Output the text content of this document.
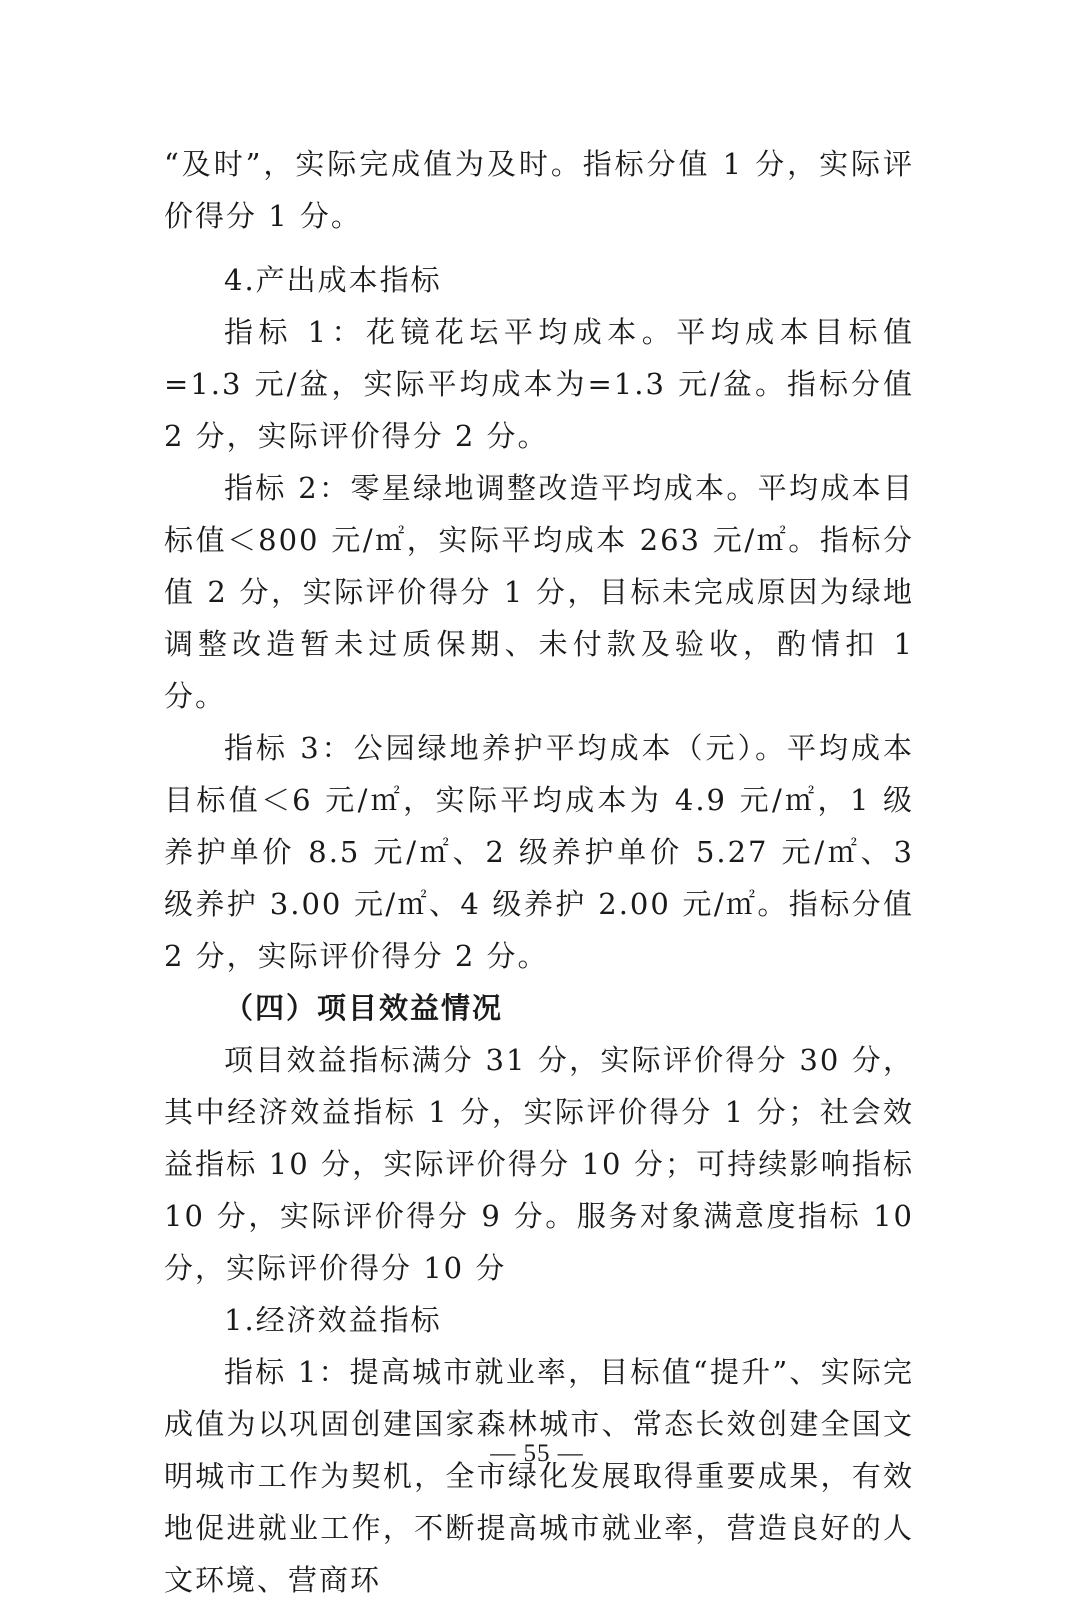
“及时”，实际完成值为及时。指标分值 1 分，实际评价得分 1 分。

4.产出成本指标

指标 1：花镜花坛平均成本。平均成本目标值=1.3 元/盆，实际平均成本为=1.3 元/盆。指标分值 2 分，实际评价得分 2 分。

指标 2：零星绿地调整改造平均成本。平均成本目标值＜800 元/㎡，实际平均成本 263 元/㎡。指标分值 2 分，实际评价得分 1 分，目标未完成原因为绿地调整改造暂未过质保期、未付款及验收，酌情扣 1 分。

指标 3：公园绿地养护平均成本（元）。平均成本目标值＜6 元/㎡，实际平均成本为 4.9 元/㎡，1 级养护单价 8.5 元/㎡、2 级养护单价 5.27 元/㎡、3 级养护 3.00 元/㎡、4 级养护 2.00 元/㎡。指标分值 2 分，实际评价得分 2 分。

（四）项目效益情况

项目效益指标满分 31 分，实际评价得分 30 分，其中经济效益指标 1 分，实际评价得分 1 分；社会效益指标 10 分，实际评价得分 10 分；可持续影响指标 10 分，实际评价得分 9 分。服务对象满意度指标 10 分，实际评价得分 10 分

1.经济效益指标

指标 1：提高城市就业率，目标值“提升”、实际完成值为以巩固创建国家森林城市、常态长效创建全国文明城市工作为契机，全市绿化发展取得重要成果，有效地促进就业工作，不断提高城市就业率，营造良好的人文环境、营商环

— 55 —
